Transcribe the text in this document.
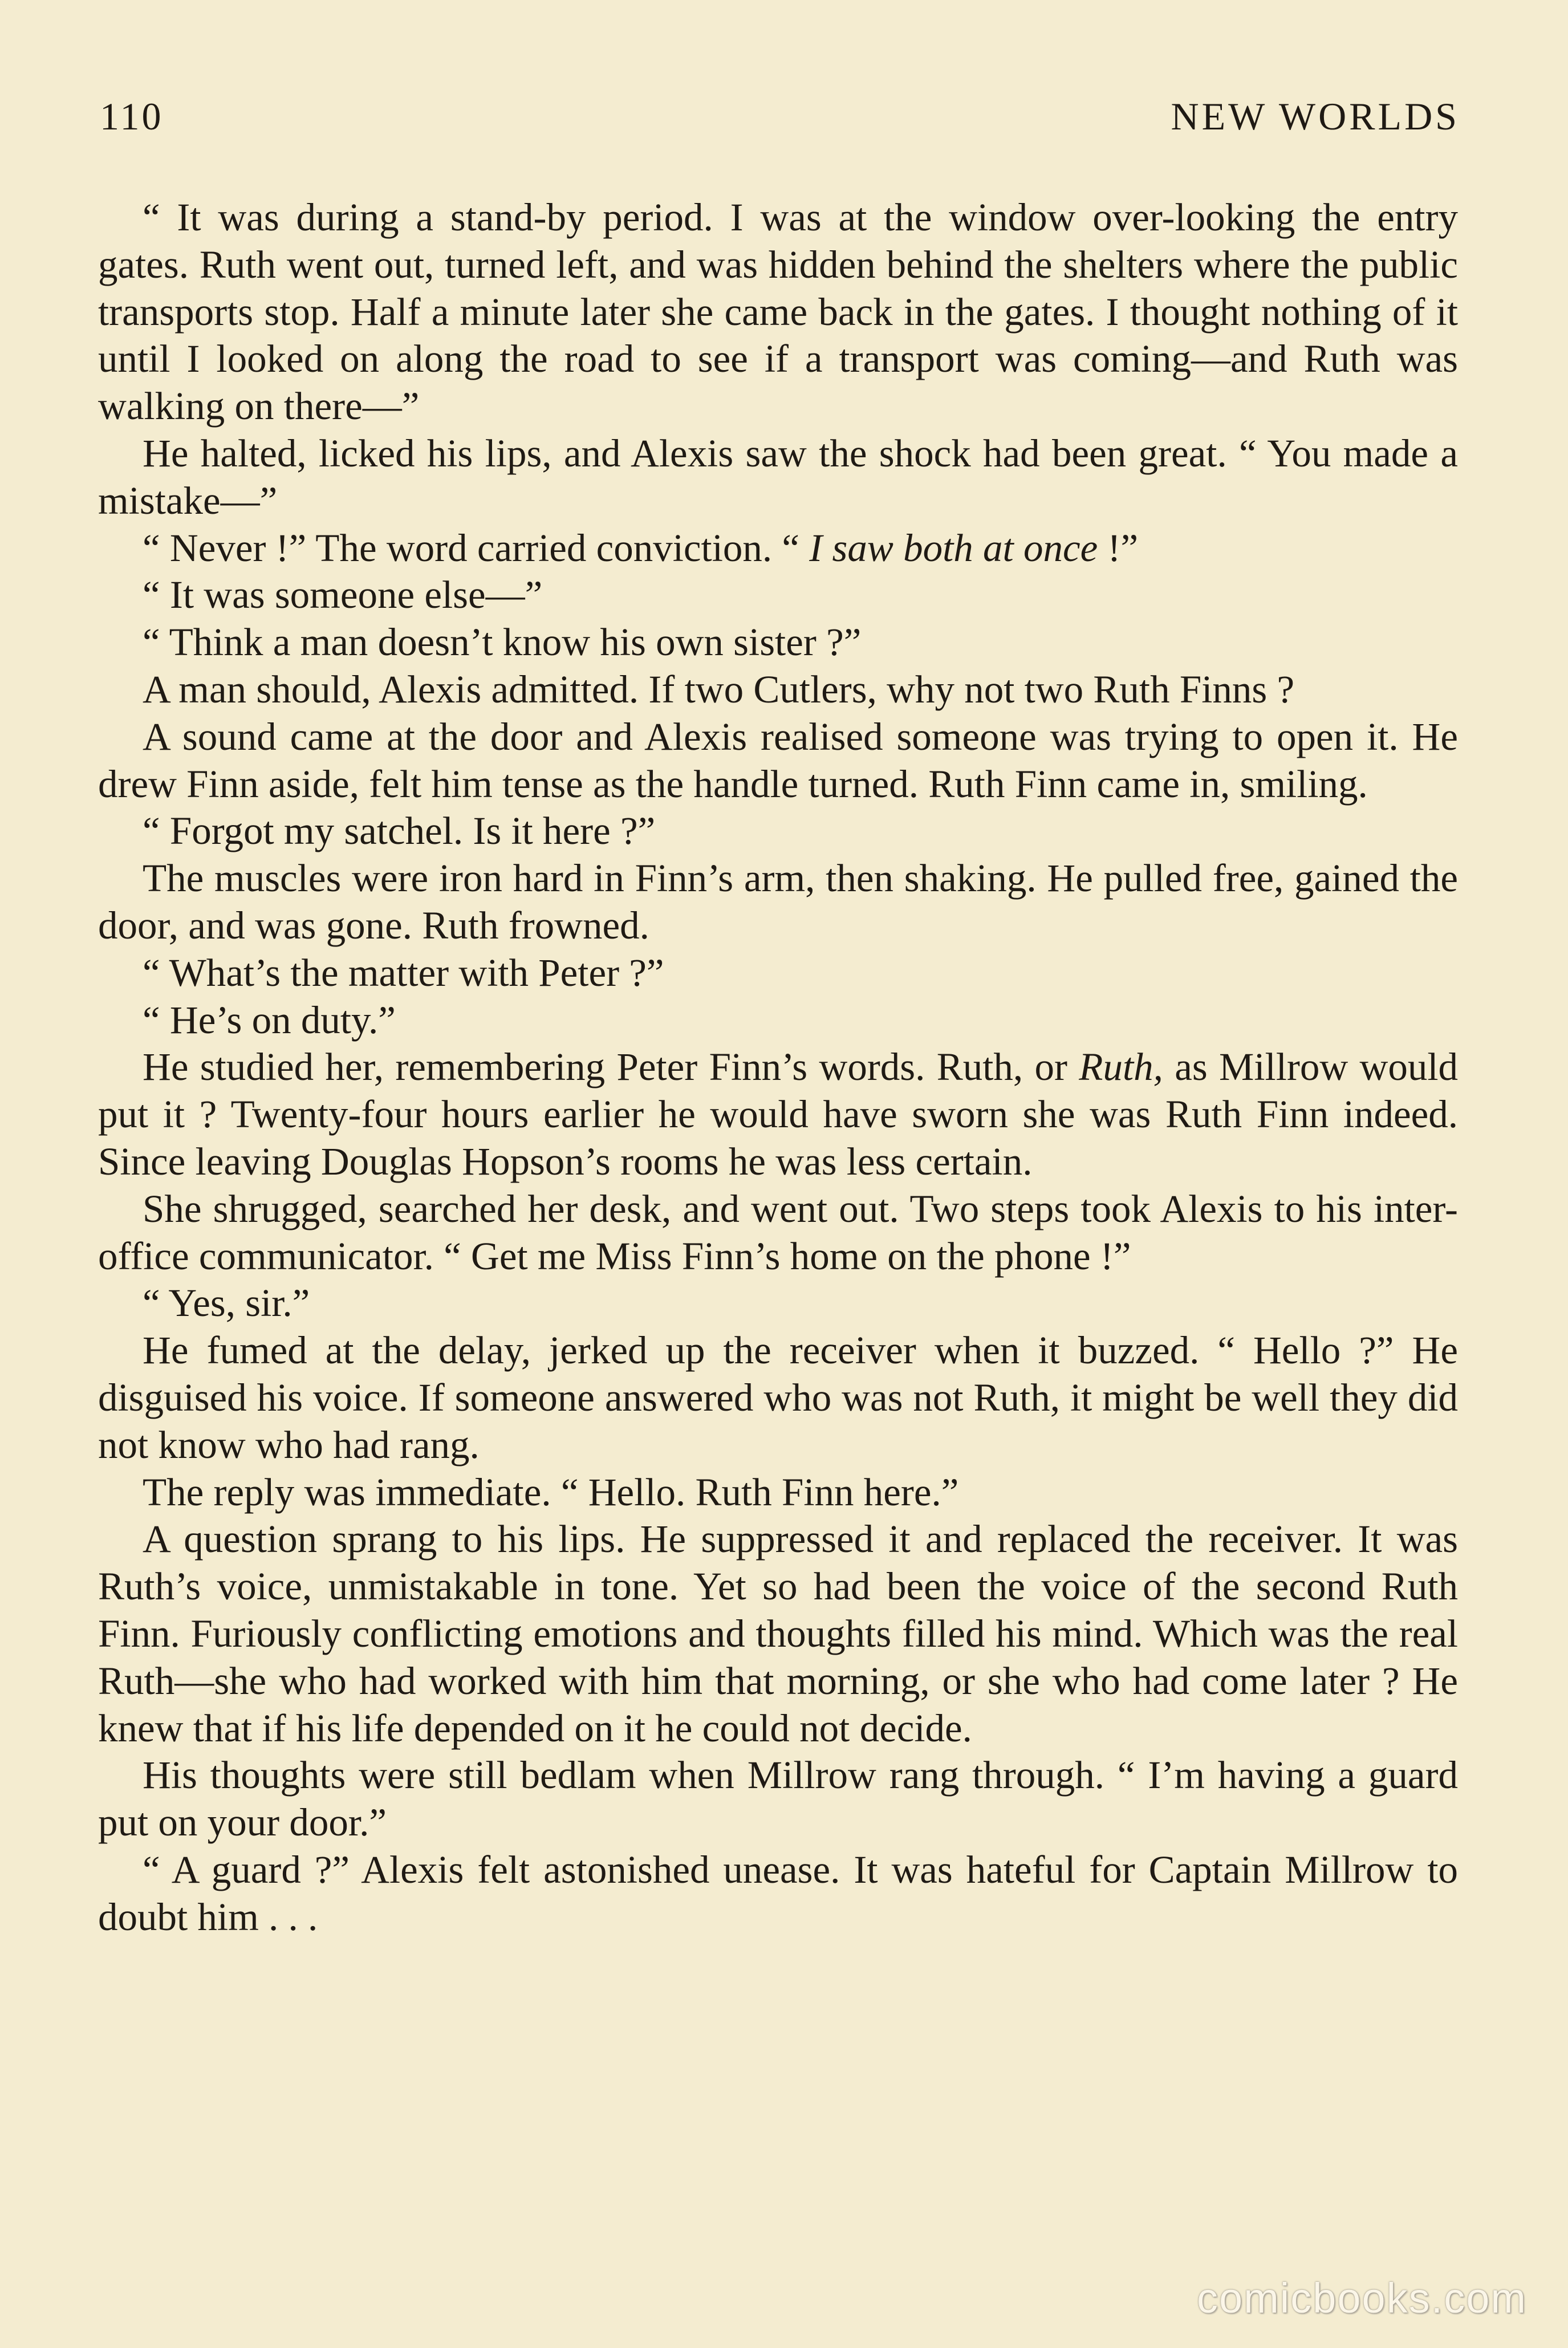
110	NEW WORLDS

“ It was during a stand-by period. I was at the window over-looking the entry gates. Ruth went out, turned left, and was hidden behind the shelters where the public transports stop. Half a minute later she came back in the gates. I thought nothing of it until I looked on along the road to see if a transport was coming—and Ruth was walking on there—”

He halted, licked his lips, and Alexis saw the shock had been great. “ You made a mistake—”

“ Never !” The word carried conviction. “ I saw both at once !”

“ It was someone else—”

“ Think a man doesn’t know his own sister ?”

A man should, Alexis admitted. If two Cutlers, why not two Ruth Finns ?

A sound came at the door and Alexis realised someone was trying to open it. He drew Finn aside, felt him tense as the handle turned. Ruth Finn came in, smiling.

“ Forgot my satchel. Is it here ?”

The muscles were iron hard in Finn’s arm, then shaking. He pulled free, gained the door, and was gone. Ruth frowned.

“ What’s the matter with Peter ?”

“ He’s on duty.”

He studied her, remembering Peter Finn’s words. Ruth, or Ruth, as Millrow would put it ? Twenty-four hours earlier he would have sworn she was Ruth Finn indeed. Since leaving Douglas Hopson’s rooms he was less certain.

She shrugged, searched her desk, and went out. Two steps took Alexis to his inter-office communicator. “ Get me Miss Finn’s home on the phone !”

“ Yes, sir.”

He fumed at the delay, jerked up the receiver when it buzzed. “ Hello ?” He disguised his voice. If someone answered who was not Ruth, it might be well they did not know who had rang.

The reply was immediate. “ Hello. Ruth Finn here.”

A question sprang to his lips. He suppressed it and replaced the receiver. It was Ruth’s voice, unmistakable in tone. Yet so had been the voice of the second Ruth Finn. Furiously conflicting emotions and thoughts filled his mind. Which was the real Ruth—she who had worked with him that morning, or she who had come later ? He knew that if his life depended on it he could not decide.

His thoughts were still bedlam when Millrow rang through. “ I’m having a guard put on your door.”

“ A guard ?” Alexis felt astonished unease. It was hateful for Captain Millrow to doubt him . . .

comicbooks.com
